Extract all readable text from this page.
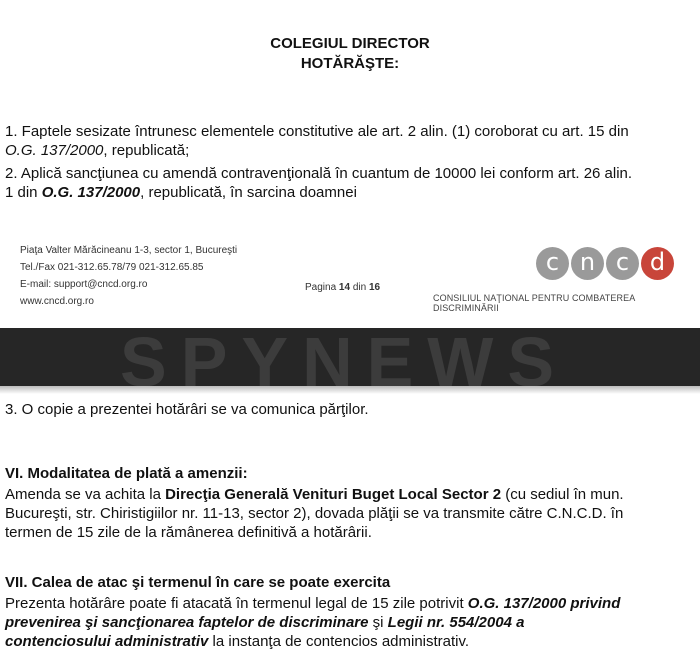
COLEGIUL DIRECTOR
HOTĂRĂŞTE:
1. Faptele sesizate întrunesc elementele constitutive ale art. 2 alin. (1) coroborat cu art. 15 din
O.G. 137/2000, republicată;
2. Aplică sancţiunea cu amendă contravenţională în cuantum de 10000 lei conform art. 26 alin.
1 din O.G. 137/2000, republicată, în sarcina doamnei
Piaţa Valter Mărăcineanu 1-3, sector 1, Bucureşti
Tel./Fax 021-312.65.78/79 021-312.65.85
E-mail: support@cncd.org.ro
www.cncd.org.ro
Pagina 14 din 16
c n c d
CONSILIUL NAŢIONAL PENTRU COMBATEREA DISCRIMINĂRII
SPYNEWS
3. O copie a prezentei hotărâri se va comunica părţilor.
VI. Modalitatea de plată a amenzii:
Amenda se va achita la Direcţia Generală Venituri Buget Local Sector 2 (cu sediul în mun.
Bucureşti, str. Chiristigiilor nr. 11-13, sector 2), dovada plăţii se va transmite către C.N.C.D. în
termen de 15 zile de la rămânerea definitivă a hotărârii.
VII. Calea de atac şi termenul în care se poate exercita
Prezenta hotărâre poate fi atacată în termenul legal de 15 zile potrivit O.G. 137/2000 privind
prevenirea şi sancţionarea faptelor de discriminare şi Legii nr. 554/2004 a
contenciosului administrativ la instanţa de contencios administrativ.
